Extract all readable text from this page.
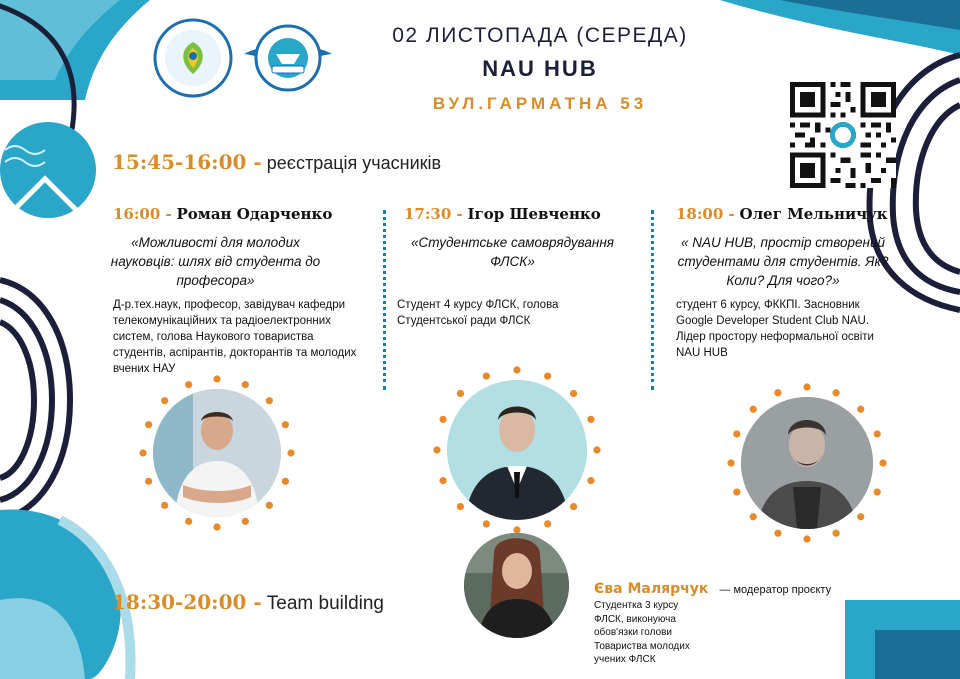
02 ЛИСТОПАДА (СЕРЕДА)
NAU HUB
ВУЛ.ГАРМАТНА 53
15:45-16:00 - реєстрація учасників
16:00 - Роман Одарченко
«Можливості для молодих науковців: шлях від студента до професора»
Д-р.тех.наук, професор, завідувач кафедри телекомунікаційних та радіоелектронних систем, голова Наукового товариства студентів, аспірантів, докторантів та молодих вчених НАУ
17:30 - Ігор Шевченко
«Студентське самоврядування ФЛСК»
Студент 4 курсу ФЛСК, голова Студентської ради ФЛСК
18:00 - Олег Мельничук
« NAU HUB, простір створений студентами для студентів. Як? Коли? Для чого?»
студент 6 курсу, ФККПІ. Засновник Google Developer Student Club NAU. Лідер простору неформальної освіти NAU HUB
18:30-20:00 - Team building
Єва Малярчук — модератор проєкту
Студентка 3 курсу ФЛСК, виконуюча обов'язки голови Товариства молодих учених ФЛСК
